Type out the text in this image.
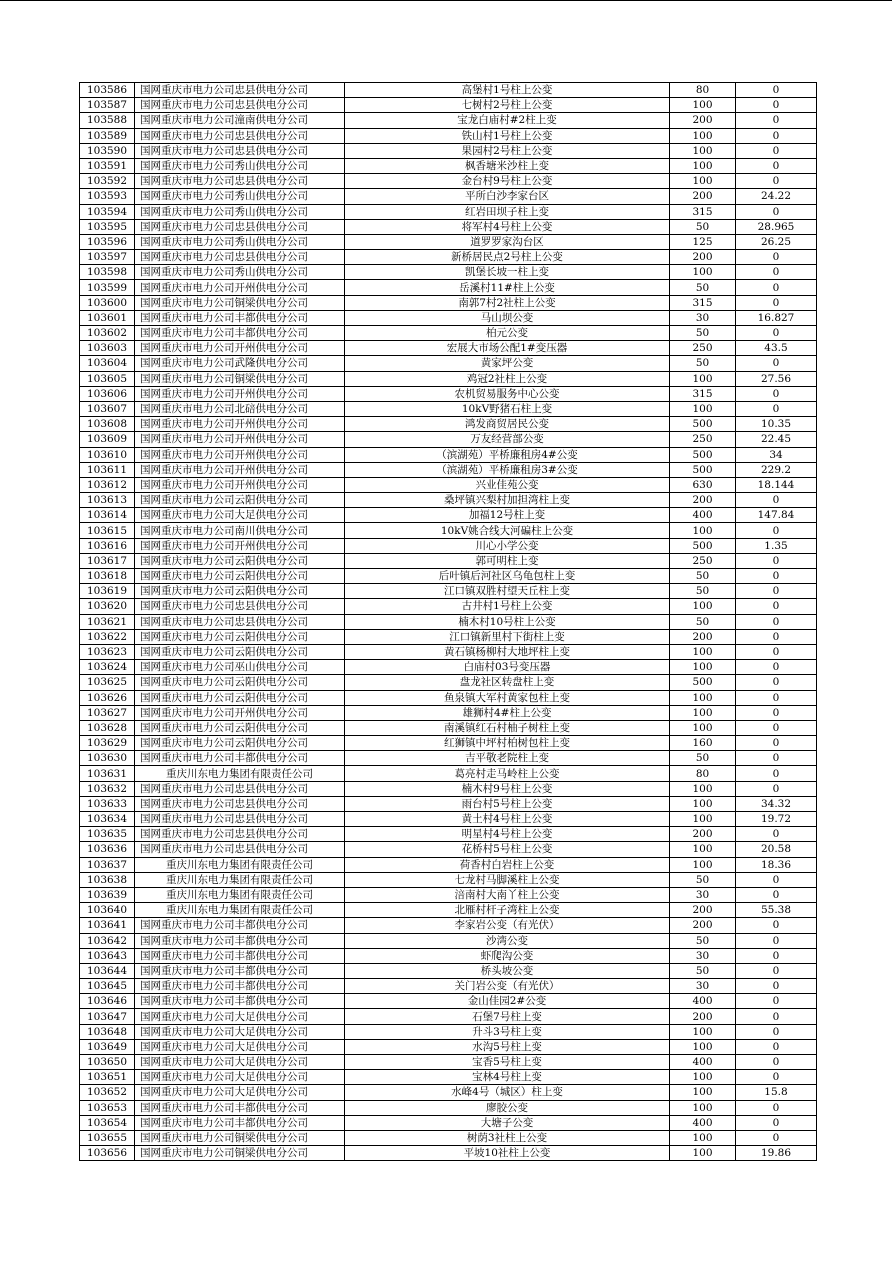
103586	国网重庆市电力公司忠县供电分公司	高堡村1号柱上公变	80	0
103587	国网重庆市电力公司忠县供电分公司	七树村2号柱上公变	100	0
103588	国网重庆市电力公司潼南供电分公司	宝龙白庙村#2柱上变	200	0
103589	国网重庆市电力公司忠县供电分公司	铁山村1号柱上公变	100	0
103590	国网重庆市电力公司忠县供电分公司	果园村2号柱上公变	100	0
103591	国网重庆市电力公司秀山供电分公司	枫香塘米沙柱上变	100	0
103592	国网重庆市电力公司忠县供电分公司	金台村9号柱上公变	100	0
103593	国网重庆市电力公司秀山供电分公司	平所白沙李家台区	200	24.22
103594	国网重庆市电力公司秀山供电分公司	红岩田坝子柱上变	315	0
103595	国网重庆市电力公司忠县供电分公司	将军村4号柱上公变	50	28.965
103596	国网重庆市电力公司秀山供电分公司	道罗罗家沟台区	125	26.25
103597	国网重庆市电力公司忠县供电分公司	新桥居民点2号柱上公变	200	0
103598	国网重庆市电力公司秀山供电分公司	凯堡长坡一柱上变	100	0
103599	国网重庆市电力公司开州供电分公司	岳溪村11#柱上公变	50	0
103600	国网重庆市电力公司铜梁供电分公司	南郭7村2社柱上公变	315	0
103601	国网重庆市电力公司丰都供电分公司	马山坝公变	30	16.827
103602	国网重庆市电力公司丰都供电分公司	柏元公变	50	0
103603	国网重庆市电力公司开州供电分公司	宏展大市场公配1#变压器	250	43.5
103604	国网重庆市电力公司武隆供电分公司	黄家坪公变	50	0
103605	国网重庆市电力公司铜梁供电分公司	鸡冠2社柱上公变	100	27.56
103606	国网重庆市电力公司开州供电分公司	农机贸易服务中心公变	315	0
103607	国网重庆市电力公司北碚供电分公司	10kV野猪石柱上变	100	0
103608	国网重庆市电力公司开州供电分公司	鸿发商贸居民公变	500	10.35
103609	国网重庆市电力公司开州供电分公司	万友经营部公变	250	22.45
103610	国网重庆市电力公司开州供电分公司	（滨湖苑）平桥廉租房4#公变	500	34
103611	国网重庆市电力公司开州供电分公司	（滨湖苑）平桥廉租房3#公变	500	229.2
103612	国网重庆市电力公司开州供电分公司	兴业佳苑公变	630	18.144
103613	国网重庆市电力公司云阳供电分公司	桑坪镇兴梨村加担湾柱上变	200	0
103614	国网重庆市电力公司大足供电分公司	加福12号柱上变	400	147.84
103615	国网重庆市电力公司南川供电分公司	10kV姚合线大河碥柱上公变	100	0
103616	国网重庆市电力公司开州供电分公司	川心小学公变	500	1.35
103617	国网重庆市电力公司云阳供电分公司	郭可明柱上变	250	0
103618	国网重庆市电力公司云阳供电分公司	后叶镇后河社区乌龟包柱上变	50	0
103619	国网重庆市电力公司云阳供电分公司	江口镇双胜村望天丘柱上变	50	0
103620	国网重庆市电力公司忠县供电分公司	古井村1号柱上公变	100	0
103621	国网重庆市电力公司忠县供电分公司	楠木村10号柱上公变	50	0
103622	国网重庆市电力公司云阳供电分公司	江口镇新里村下街柱上变	200	0
103623	国网重庆市电力公司云阳供电分公司	黄石镇杨柳村大地坪柱上变	100	0
103624	国网重庆市电力公司巫山供电分公司	白庙村03号变压器	100	0
103625	国网重庆市电力公司云阳供电分公司	盘龙社区转盘柱上变	500	0
103626	国网重庆市电力公司云阳供电分公司	鱼泉镇大军村黄家包柱上变	100	0
103627	国网重庆市电力公司开州供电分公司	雄狮村4#柱上公变	100	0
103628	国网重庆市电力公司云阳供电分公司	南溪镇红石村柚子树柱上变	100	0
103629	国网重庆市电力公司云阳供电分公司	红狮镇中坪村柏树包柱上变	160	0
103630	国网重庆市电力公司丰都供电分公司	吉平敬老院柱上变	50	0
103631	重庆川东电力集团有限责任公司	葛亮村走马岭柱上公变	80	0
103632	国网重庆市电力公司忠县供电分公司	楠木村9号柱上公变	100	0
103633	国网重庆市电力公司忠县供电分公司	雨台村5号柱上公变	100	34.32
103634	国网重庆市电力公司忠县供电分公司	黄土村4号柱上公变	100	19.72
103635	国网重庆市电力公司忠县供电分公司	明星村4号柱上公变	200	0
103636	国网重庆市电力公司忠县供电分公司	花桥村5号柱上公变	100	20.58
103637	重庆川东电力集团有限责任公司	荷香村白岩柱上公变	100	18.36
103638	重庆川东电力集团有限责任公司	七龙村马脚溪柱上公变	50	0
103639	重庆川东电力集团有限责任公司	涪南村大南丫柱上公变	30	0
103640	重庆川东电力集团有限责任公司	北雁村杆子湾柱上公变	200	55.38
103641	国网重庆市电力公司丰都供电分公司	李家岩公变（有光伏）	200	0
103642	国网重庆市电力公司丰都供电分公司	沙湾公变	50	0
103643	国网重庆市电力公司丰都供电分公司	虾爬沟公变	30	0
103644	国网重庆市电力公司丰都供电分公司	桥头坡公变	50	0
103645	国网重庆市电力公司丰都供电分公司	关门岩公变（有光伏）	30	0
103646	国网重庆市电力公司丰都供电分公司	金山佳园2#公变	400	0
103647	国网重庆市电力公司大足供电分公司	石堡7号柱上变	200	0
103648	国网重庆市电力公司大足供电分公司	升斗3号柱上变	100	0
103649	国网重庆市电力公司大足供电分公司	水沟5号柱上变	100	0
103650	国网重庆市电力公司大足供电分公司	宝香5号柱上变	400	0
103651	国网重庆市电力公司大足供电分公司	宝林4号柱上变	100	0
103652	国网重庆市电力公司大足供电分公司	水峰4号（城区）柱上变	100	15.8
103653	国网重庆市电力公司丰都供电分公司	廖胶公变	100	0
103654	国网重庆市电力公司丰都供电分公司	大塘子公变	400	0
103655	国网重庆市电力公司铜梁供电分公司	树荫3社柱上公变	100	0
103656	国网重庆市电力公司铜梁供电分公司	平坡10社柱上公变	100	19.86
